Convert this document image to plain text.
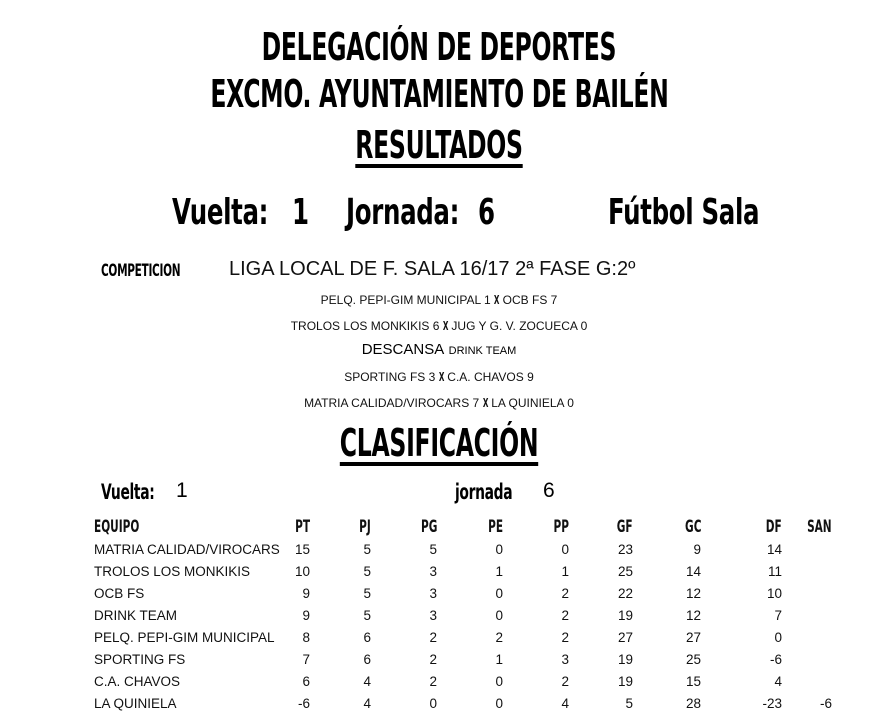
DELEGACIÓN DE DEPORTES
EXCMO. AYUNTAMIENTO DE BAILÉN
RESULTADOS
Vuelta: 1 Jornada: 6	Fútbol Sala
COMPETICION	LIGA LOCAL DE F. SALA 16/17 2ª FASE G:2º
PELQ. PEPI-GIM MUNICIPAL 1 X OCB FS 7
TROLOS LOS MONKIKIS 6 X JUG Y G. V. ZOCUECA 0
DESCANSA DRINK TEAM
SPORTING FS 3 X C.A. CHAVOS 9
MATRIA CALIDAD/VIROCARS 7 X LA QUINIELA 0
CLASIFICACIÓN
Vuelta:	1	jornada	6
EQUIPO	PT	PJ	PG	PE	PP	GF	GC	DF	SAN
MATRIA CALIDAD/VIROCARS	15	5	5	0	0	23	9	14	
TROLOS LOS MONKIKIS	10	5	3	1	1	25	14	11	
OCB FS	9	5	3	0	2	22	12	10	
DRINK TEAM	9	5	3	0	2	19	12	7	
PELQ. PEPI-GIM MUNICIPAL	8	6	2	2	2	27	27	0	
SPORTING FS	7	6	2	1	3	19	25	-6	
C.A. CHAVOS	6	4	2	0	2	19	15	4	
LA QUINIELA	-6	4	0	0	4	5	28	-23	-6
